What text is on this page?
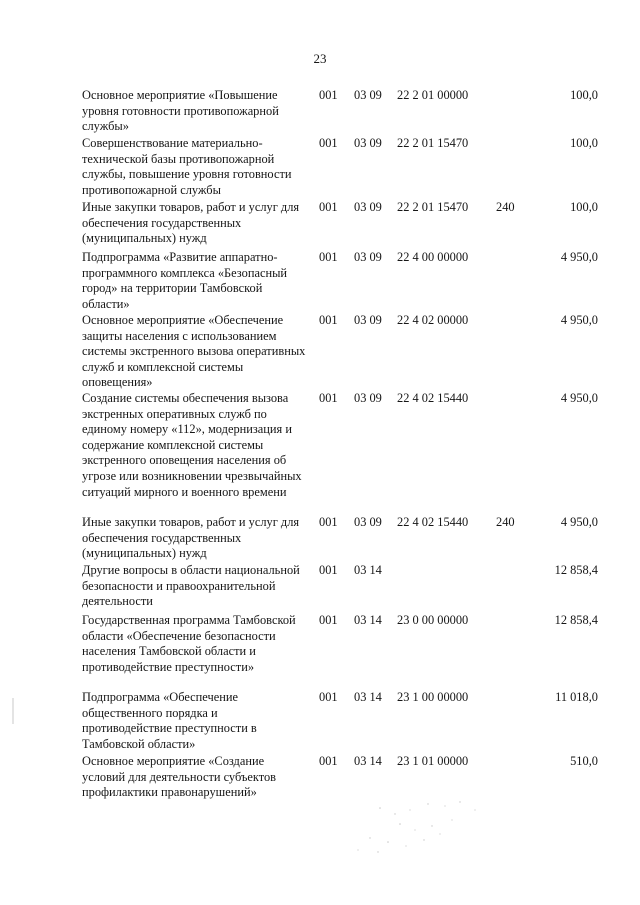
23
Основное мероприятие «Повышение уровня готовности противопожарной службы»
001 03 09 22 2 01 00000	100,0
Совершенствование материально-технической базы противопожарной службы, повышение уровня готовности противопожарной службы
001 03 09 22 2 01 15470	100,0
Иные закупки товаров, работ и услуг для обеспечения государственных (муниципальных) нужд
001 03 09 22 2 01 15470 240	100,0
Подпрограмма «Развитие аппаратно-программного комплекса «Безопасный город» на территории Тамбовской области»
001 03 09 22 4 00 00000	4 950,0
Основное мероприятие «Обеспечение защиты населения с использованием системы экстренного вызова оперативных служб и комплексной системы оповещения»
001 03 09 22 4 02 00000	4 950,0
Создание системы обеспечения вызова экстренных оперативных служб по единому номеру «112», модернизация и содержание комплексной системы экстренного оповещения населения об угрозе или возникновении чрезвычайных ситуаций мирного и военного времени
001 03 09 22 4 02 15440	4 950,0
Иные закупки товаров, работ и услуг для обеспечения государственных (муниципальных) нужд
001 03 09 22 4 02 15440 240	4 950,0
Другие вопросы в области национальной безопасности и правоохранительной деятельности
001 03 14	12 858,4
Государственная программа Тамбовской области «Обеспечение безопасности населения Тамбовской области и противодействие преступности»
001 03 14 23 0 00 00000	12 858,4
Подпрограмма «Обеспечение общественного порядка и противодействие преступности в Тамбовской области»
001 03 14 23 1 00 00000	11 018,0
Основное мероприятие «Создание условий для деятельности субъектов профилактики правонарушений»
001 03 14 23 1 01 00000	510,0
